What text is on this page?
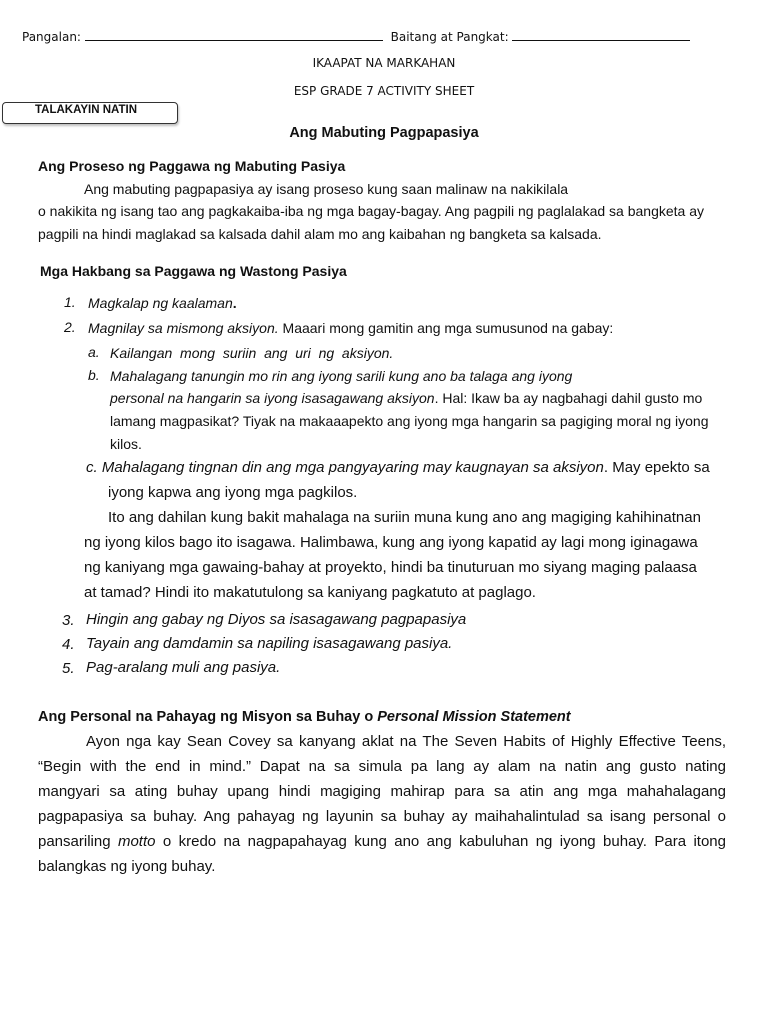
Pangalan:	Baitang at Pangkat:
IKAAPAT NA MARKAHAN
ESP GRADE 7 ACTIVITY SHEET
TALAKAYIN NATIN
Ang Mabuting Pagpapasiya
Ang Proseso ng Paggawa ng Mabuting Pasiya
Ang mabuting pagpapasiya ay isang proseso kung saan malinaw na nakikilala
o nakikita ng isang tao ang pagkakaiba-iba ng mga bagay-bagay. Ang pagpili ng paglalakad sa bangketa ay
pagpili na hindi maglakad sa kalsada dahil alam mo ang kaibahan ng bangketa sa kalsada.
Mga Hakbang sa Paggawa ng Wastong Pasiya
1. Magkalap ng kaalaman.
2. Magnilay sa mismong aksiyon. Maaari mong gamitin ang mga sumusunod na gabay:
a. Kailangan  mong  suriin  ang  uri  ng  aksiyon.
b. Mahalagang tanungin mo rin ang iyong sarili kung ano ba talaga ang iyong
personal na hangarin sa iyong isasagawang aksiyon. Hal: Ikaw ba ay nagbahagi dahil gusto mo
lamang magpasikat? Tiyak na makaaapekto ang iyong mga hangarin sa pagiging moral ng iyong
kilos.
c. Mahalagang tingnan din ang mga pangyayaring may kaugnayan sa aksiyon. May epekto sa
iyong kapwa ang iyong mga pagkilos.
Ito ang dahilan kung bakit mahalaga na suriin muna kung ano ang magiging kahihinatnan
ng iyong kilos bago ito isagawa. Halimbawa, kung ang iyong kapatid ay lagi mong iginagawa
ng kaniyang mga gawaing-bahay at proyekto, hindi ba tinuturuan mo siyang maging palaasa
at tamad? Hindi ito makatutulong sa kaniyang pagkatuto at paglago.
3. Hingin ang gabay ng Diyos sa isasagawang pagpapasiya
4. Tayain ang damdamin sa napiling isasagawang pasiya.
5. Pag-aralang muli ang pasiya.
Ang Personal na Pahayag ng Misyon sa Buhay o Personal Mission Statement
Ayon nga kay Sean Covey sa kanyang aklat na The Seven Habits of Highly Effective Teens,
“Begin with the end in mind.” Dapat na sa simula pa lang ay alam na natin ang gusto nating
mangyari sa ating buhay upang hindi magiging mahirap para sa atin ang mga mahahalagang
pagpapasiya sa buhay. Ang pahayag ng layunin sa buhay ay maihahalintulad sa isang personal o
pansariling motto o kredo na nagpapahayag kung ano ang kabuluhan ng iyong buhay. Para itong
balangkas ng iyong buhay.
